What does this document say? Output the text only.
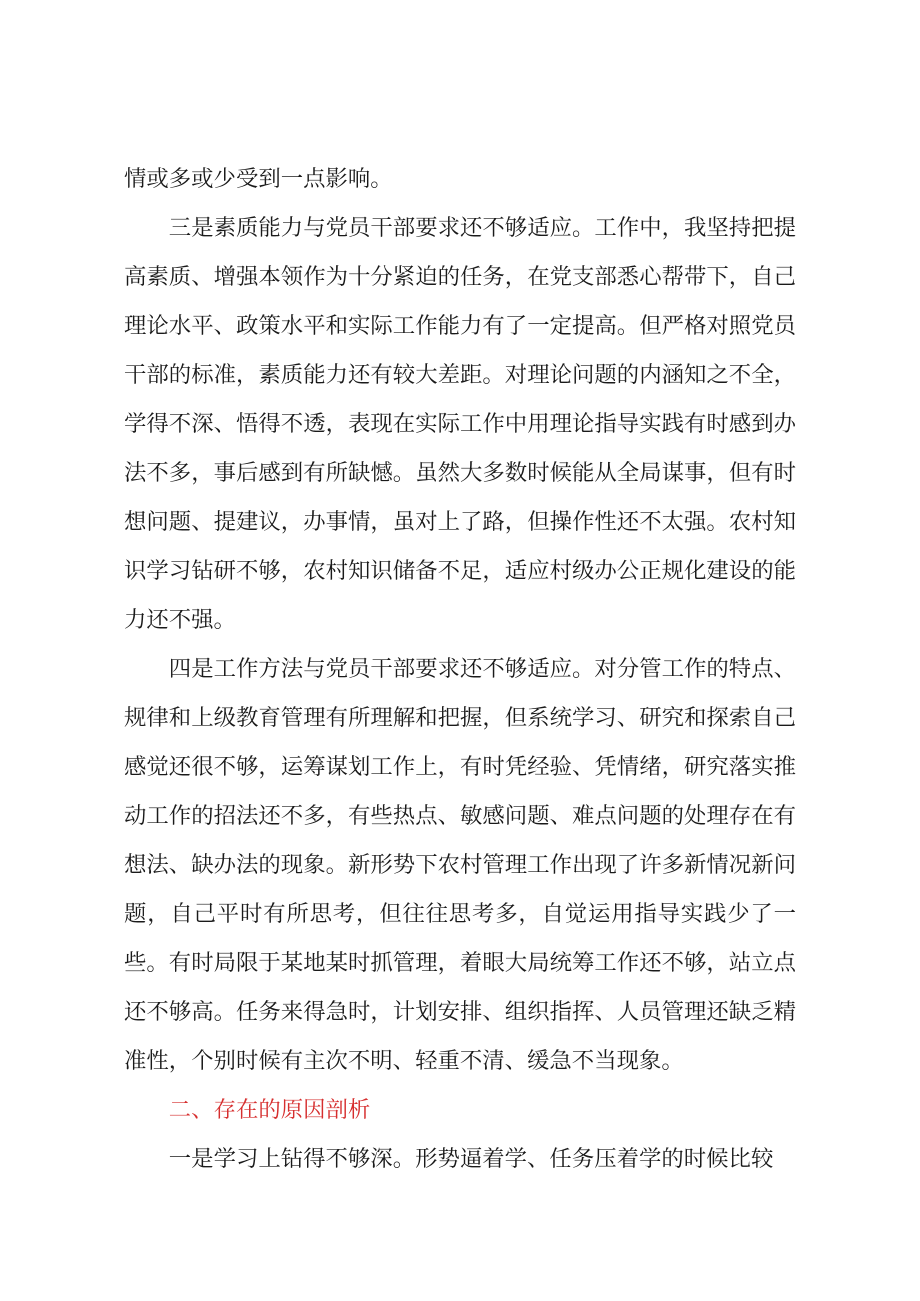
情或多或少受到一点影响。

三是素质能力与党员干部要求还不够适应。工作中，我坚持把提高素质、增强本领作为十分紧迫的任务，在党支部悉心帮带下，自己理论水平、政策水平和实际工作能力有了一定提高。但严格对照党员干部的标准，素质能力还有较大差距。对理论问题的内涵知之不全，学得不深、悟得不透，表现在实际工作中用理论指导实践有时感到办法不多，事后感到有所缺憾。虽然大多数时候能从全局谋事，但有时想问题、提建议，办事情，虽对上了路，但操作性还不太强。农村知识学习钻研不够，农村知识储备不足，适应村级办公正规化建设的能力还不强。

四是工作方法与党员干部要求还不够适应。对分管工作的特点、规律和上级教育管理有所理解和把握，但系统学习、研究和探索自己感觉还很不够，运筹谋划工作上，有时凭经验、凭情绪，研究落实推动工作的招法还不多，有些热点、敏感问题、难点问题的处理存在有想法、缺办法的现象。新形势下农村管理工作出现了许多新情况新问题，自己平时有所思考，但往往思考多，自觉运用指导实践少了一些。有时局限于某地某时抓管理，着眼大局统筹工作还不够，站立点还不够高。任务来得急时，计划安排、组织指挥、人员管理还缺乏精准性，个别时候有主次不明、轻重不清、缓急不当现象。

二、存在的原因剖析

一是学习上钻得不够深。形势逼着学、任务压着学的时候比较
